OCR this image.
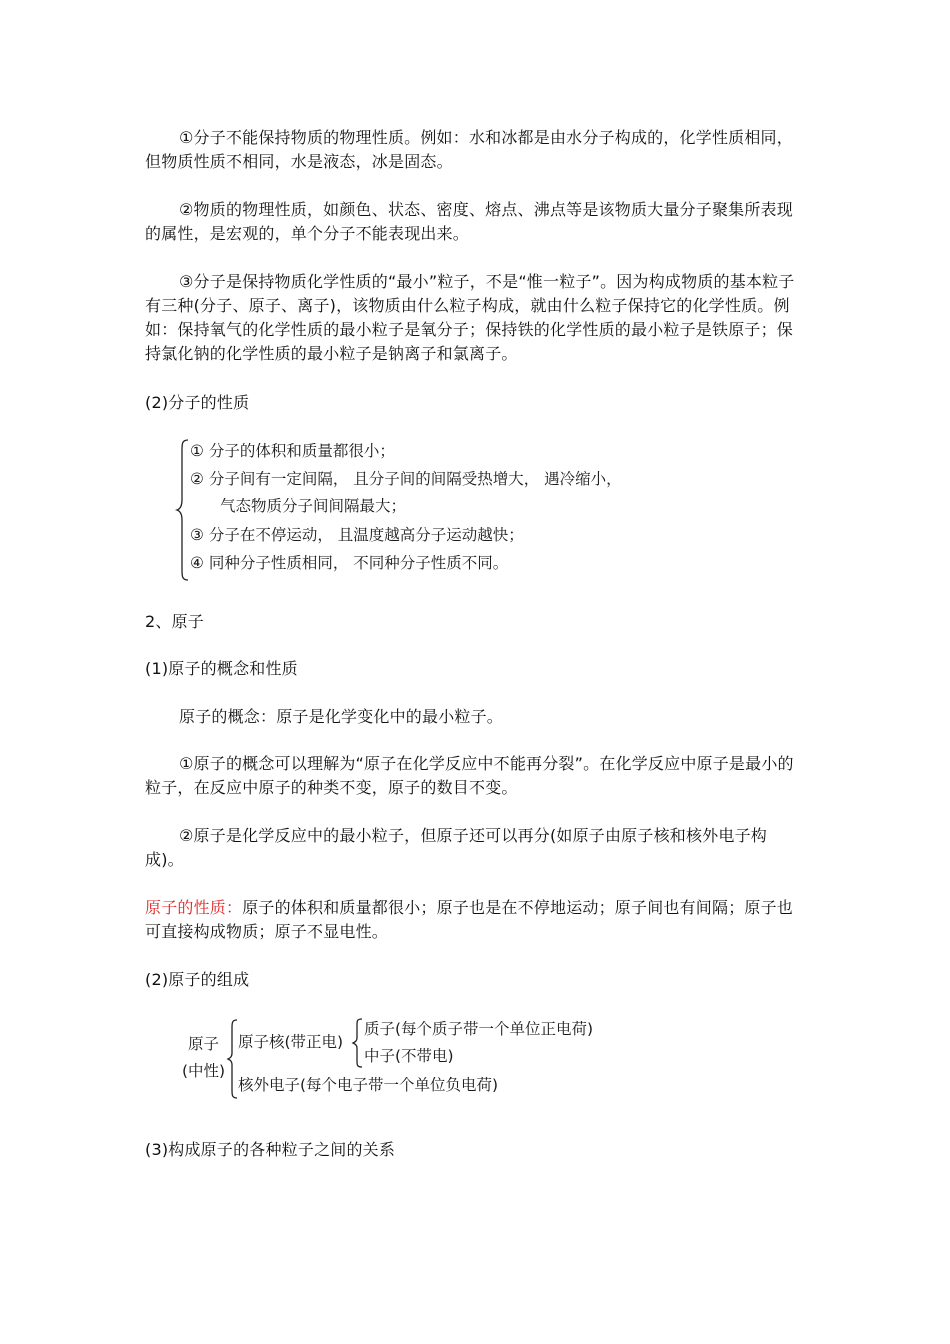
①分子不能保持物质的物理性质。例如：水和冰都是由水分子构成的，化学性质相同，但物质性质不相同，水是液态，冰是固态。

②物质的物理性质，如颜色、状态、密度、熔点、沸点等是该物质大量分子聚集所表现的属性，是宏观的，单个分子不能表现出来。

③分子是保持物质化学性质的“最小”粒子，不是“惟一粒子”。因为构成物质的基本粒子有三种(分子、原子、离子)，该物质由什么粒子构成，就由什么粒子保持它的化学性质。例如：保持氧气的化学性质的最小粒子是氧分子；保持铁的化学性质的最小粒子是铁原子；保持氯化钠的化学性质的最小粒子是钠离子和氯离子。

(2)分子的性质

① 分子的体积和质量都很小；
② 分子间有一定间隔， 且分子间的间隔受热增大， 遇冷缩小，
气态物质分子间间隔最大；
③ 分子在不停运动， 且温度越高分子运动越快；
④ 同种分子性质相同， 不同种分子性质不同。

2、原子

(1)原子的概念和性质

原子的概念：原子是化学变化中的最小粒子。

①原子的概念可以理解为“原子在化学反应中不能再分裂”。在化学反应中原子是最小的粒子，在反应中原子的种类不变，原子的数目不变。

②原子是化学反应中的最小粒子，但原子还可以再分(如原子由原子核和核外电子构成)。

原子的性质：原子的体积和质量都很小；原子也是在不停地运动；原子间也有间隔；原子也可直接构成物质；原子不显电性。

(2)原子的组成

原子
(中性)
原子核(带正电)
质子(每个质子带一个单位正电荷)
中子(不带电)
核外电子(每个电子带一个单位负电荷)

(3)构成原子的各种粒子之间的关系
